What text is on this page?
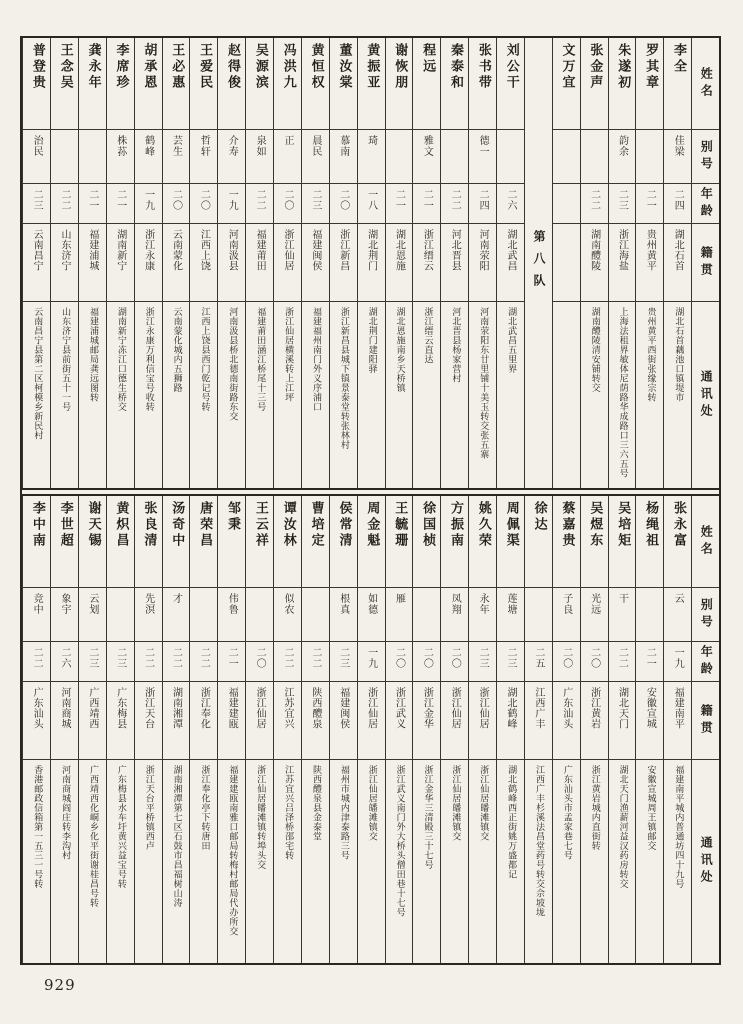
姓名
别号
年龄
籍贯
通讯处
李全
佳梁
二四
湖北石首
湖北石首藕池口镇堤市
罗其章
二一
贵州黄平
贵州黄平西街张缘宗转
朱遂初
韵余
二三
浙江海盐
上海法租界敏体尼荫路华成路口三六五号
张金声
二二
湖南醴陵
湖南醴陵清安铺转交
文万宜
第八队
刘公干
二六
湖北武昌
湖北武昌五里界
张书带
德一
二四
河南荥阳
河南荥阳东廿里铺十美玉转交张五寨
秦泰和
二二
河北晋县
河北晋县杨家营村
程远
雅文
二一
浙江缙云
浙江缙云直达
谢恢朋
二一
湖北恩施
湖北恩施南乡天桥镇
黄振亚
琦
一八
湖北荆门
湖北荆门建阳驿
董汝棠
慕南
二〇
浙江新昌
浙江新昌县城下镇景泰堂转张林村
黄恒权
晨民
二三
福建闽侯
福建福州南门外义序浦口
冯洪九
正
二〇
浙江仙居
浙江仙居横溪转上江坪
吴源滨
泉如
二二
福建莆田
福建莆田涵江桥尾十三号
赵得俊
介寿
一九
河南汲县
河南汲县桥北德南街路东交
王爱民
哲轩
二〇
江西上饶
江西上饶县西门乾记号转
王必惠
芸生
二〇
云南蒙化
云南蒙化城内五狮路
胡承恩
鹤峰
一九
浙江永康
浙江永康万利信宝号收转
李席珍
株荪
二一
湖南新宁
湖南新宁冻江口德生桥交
龚永年
二一
福建浦城
福建浦城邮局龚远图转
王念吴
二二
山东济宁
山东济宁县前街五十一号
普登贵
治民
二三
云南昌宁
云南昌宁县第二区柯模乡新民村
姓名
别号
年龄
籍贯
通讯处
张永富
云
一九
福建南平
福建南平城内普通坊四十九号
杨绳祖
二一
安徽宣城
安徽宣城周王镇邮交
吴培矩
干
二二
湖北天门
湖北天门渔薪河益汉药房转交
吴煜东
光远
二〇
浙江黄岩
浙江黄岩城内直街转
蔡嘉贵
子良
二〇
广东汕头
广东汕头市孟家巷七号
徐达
二五
江西广丰
江西广丰杉溪法昌堂药号转交佘坡垅
周佩渠
莲塘
二三
湖北鹤峰
湖北鹤峰西正街姚万盛都记
姚久荣
永年
二三
浙江仙居
浙江仙居皤滩镇交
方振南
凤翔
二〇
浙江仙居
浙江仙居皤滩镇交
徐国桢
二〇
浙江金华
浙江金华三清殿三十七号
王毓珊
雁
二〇
浙江武义
浙江武义南门外大桥头僧田巷十七号
周金魁
如德
一九
浙江仙居
浙江仙居皤滩镇交
侯常清
根真
二三
福建闽侯
福州市城内津泰路三号
曹培定
二二
陕西醴泉
陕西醴泉县金泰堂
谭汝林
似农
二二
江苏宜兴
江苏宜兴吕泽桥邵宅转
王云祥
二〇
浙江仙居
浙江仙居皤滩镇转埠头交
邹秉
伟鲁
二一
福建建瓯
福建建瓯南雅口邮局转梅村邮局代办所交
唐荣昌
二二
浙江奉化
浙江奉化亭下转唐田
汤奇中
才
二二
湖南湘潭
湖南湘潭第七区石鼓市昌福树山涛
张良清
先溟
二二
浙江天台
浙江天台平桥镇西卢
黄炽昌
二三
广东梅县
广东梅县水车圩黄兴益宝号转
谢天锡
云划
二三
广西靖西
广西靖西化峒乡化平街谢桂昌号转
李世超
象宇
二六
河南商城
河南商城阎庄转李沟村
李中南
竞中
二二
广东汕头
香港邮政信箱第一五三一号转
929
